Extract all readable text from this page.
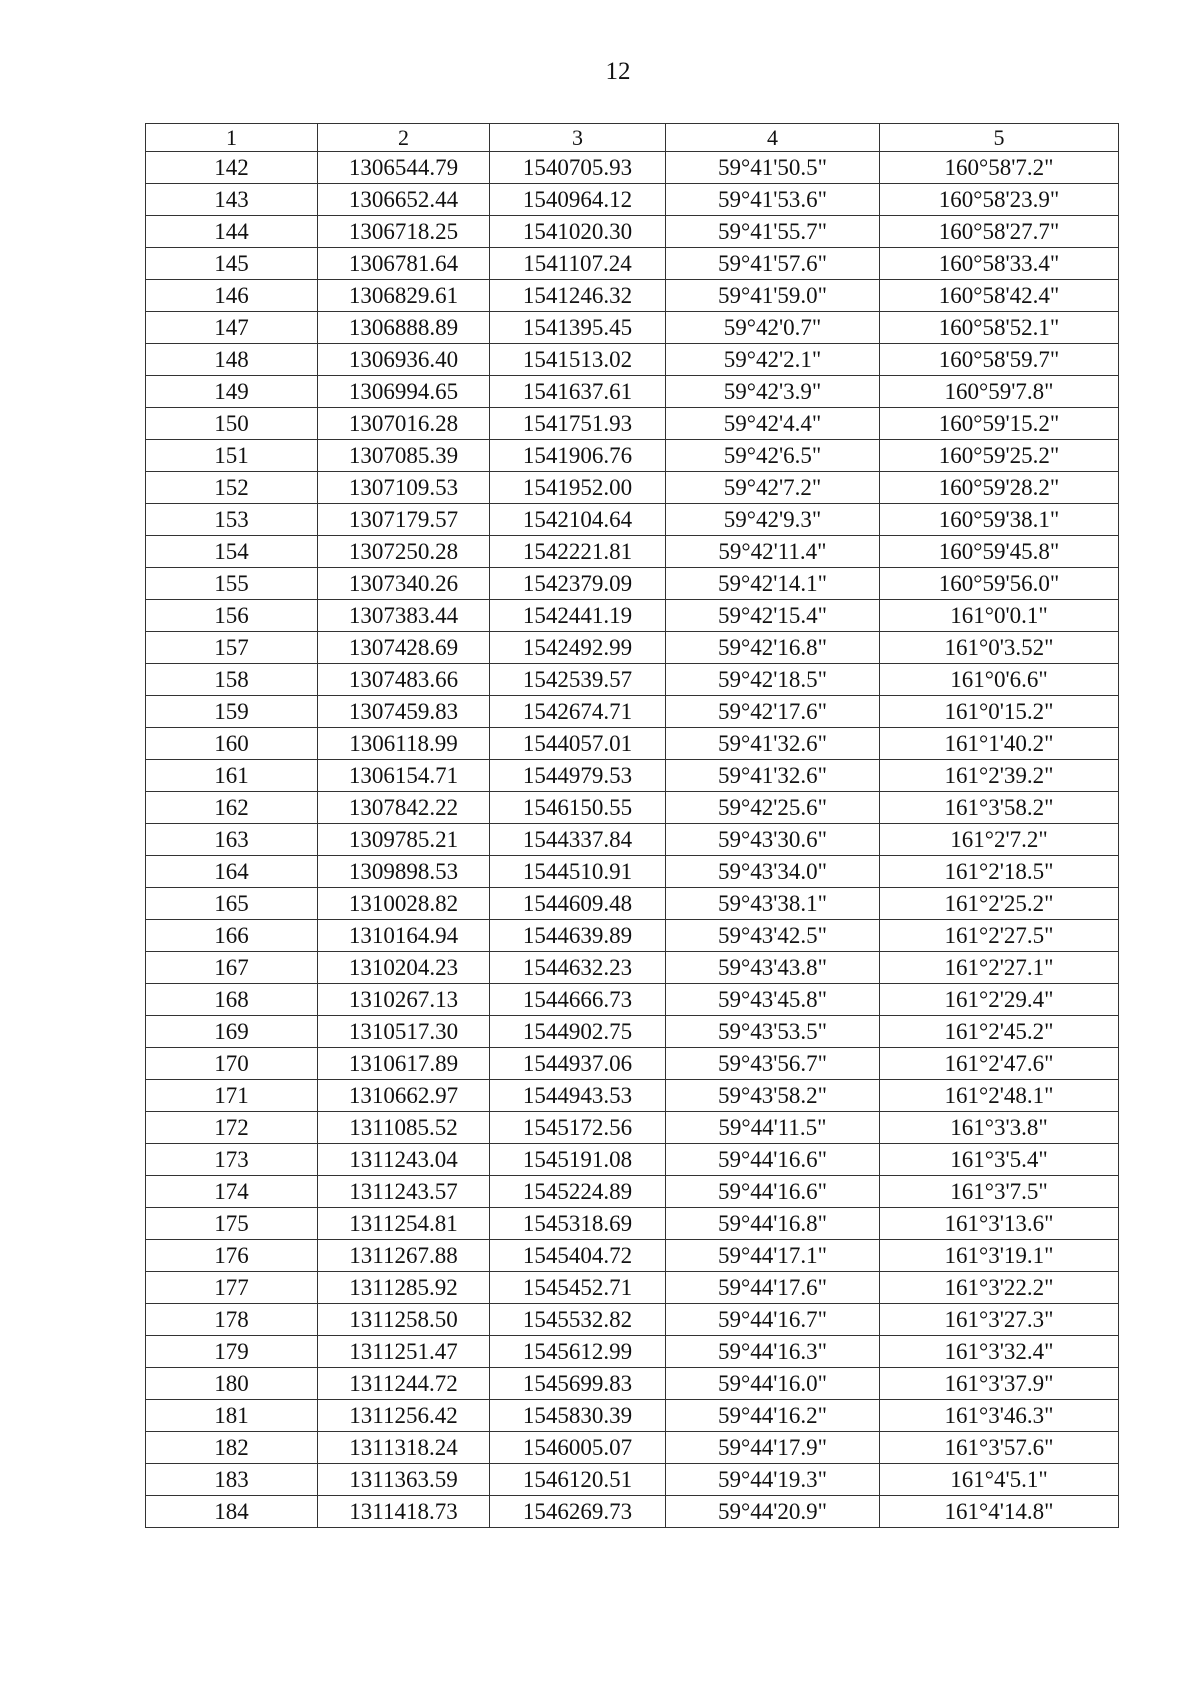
12
1	2	3	4	5
142	1306544.79	1540705.93	59°41'50.5"	160°58'7.2"
143	1306652.44	1540964.12	59°41'53.6"	160°58'23.9"
144	1306718.25	1541020.30	59°41'55.7"	160°58'27.7"
145	1306781.64	1541107.24	59°41'57.6"	160°58'33.4"
146	1306829.61	1541246.32	59°41'59.0"	160°58'42.4"
147	1306888.89	1541395.45	59°42'0.7"	160°58'52.1"
148	1306936.40	1541513.02	59°42'2.1"	160°58'59.7"
149	1306994.65	1541637.61	59°42'3.9"	160°59'7.8"
150	1307016.28	1541751.93	59°42'4.4"	160°59'15.2"
151	1307085.39	1541906.76	59°42'6.5"	160°59'25.2"
152	1307109.53	1541952.00	59°42'7.2"	160°59'28.2"
153	1307179.57	1542104.64	59°42'9.3"	160°59'38.1"
154	1307250.28	1542221.81	59°42'11.4"	160°59'45.8"
155	1307340.26	1542379.09	59°42'14.1"	160°59'56.0"
156	1307383.44	1542441.19	59°42'15.4"	161°0'0.1"
157	1307428.69	1542492.99	59°42'16.8"	161°0'3.52"
158	1307483.66	1542539.57	59°42'18.5"	161°0'6.6"
159	1307459.83	1542674.71	59°42'17.6"	161°0'15.2"
160	1306118.99	1544057.01	59°41'32.6"	161°1'40.2"
161	1306154.71	1544979.53	59°41'32.6"	161°2'39.2"
162	1307842.22	1546150.55	59°42'25.6"	161°3'58.2"
163	1309785.21	1544337.84	59°43'30.6"	161°2'7.2"
164	1309898.53	1544510.91	59°43'34.0"	161°2'18.5"
165	1310028.82	1544609.48	59°43'38.1"	161°2'25.2"
166	1310164.94	1544639.89	59°43'42.5"	161°2'27.5"
167	1310204.23	1544632.23	59°43'43.8"	161°2'27.1"
168	1310267.13	1544666.73	59°43'45.8"	161°2'29.4"
169	1310517.30	1544902.75	59°43'53.5"	161°2'45.2"
170	1310617.89	1544937.06	59°43'56.7"	161°2'47.6"
171	1310662.97	1544943.53	59°43'58.2"	161°2'48.1"
172	1311085.52	1545172.56	59°44'11.5"	161°3'3.8"
173	1311243.04	1545191.08	59°44'16.6"	161°3'5.4"
174	1311243.57	1545224.89	59°44'16.6"	161°3'7.5"
175	1311254.81	1545318.69	59°44'16.8"	161°3'13.6"
176	1311267.88	1545404.72	59°44'17.1"	161°3'19.1"
177	1311285.92	1545452.71	59°44'17.6"	161°3'22.2"
178	1311258.50	1545532.82	59°44'16.7"	161°3'27.3"
179	1311251.47	1545612.99	59°44'16.3"	161°3'32.4"
180	1311244.72	1545699.83	59°44'16.0"	161°3'37.9"
181	1311256.42	1545830.39	59°44'16.2"	161°3'46.3"
182	1311318.24	1546005.07	59°44'17.9"	161°3'57.6"
183	1311363.59	1546120.51	59°44'19.3"	161°4'5.1"
184	1311418.73	1546269.73	59°44'20.9"	161°4'14.8"
